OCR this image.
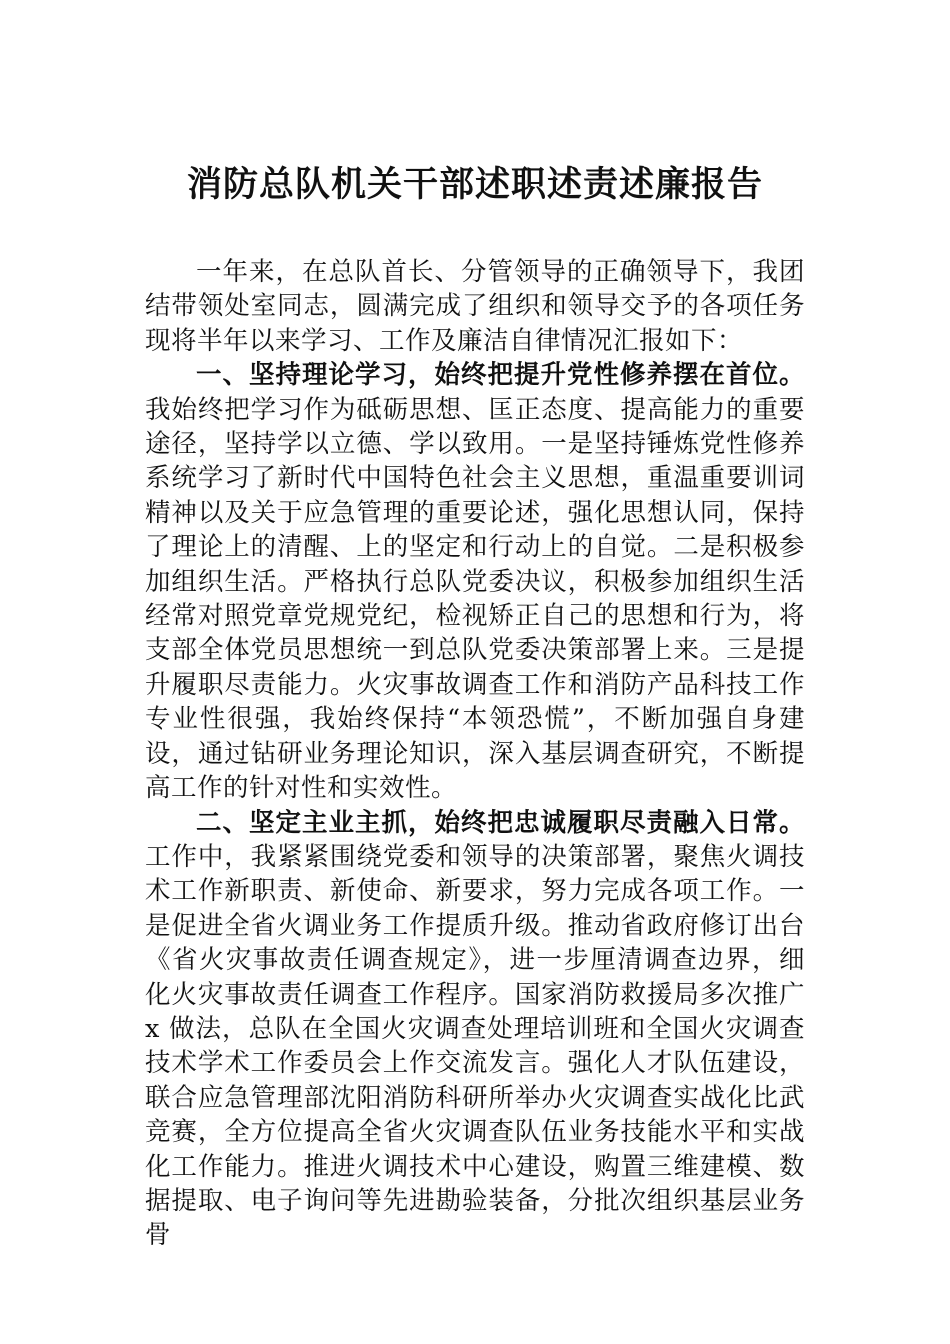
消防总队机关干部述职述责述廉报告

一年来，在总队首长、分管领导的正确领导下，我团结带领处室同志，圆满完成了组织和领导交予的各项任务现将半年以来学习、工作及廉洁自律情况汇报如下：

一、坚持理论学习，始终把提升党性修养摆在首位。我始终把学习作为砥砺思想、匡正态度、提高能力的重要途径，坚持学以立德、学以致用。一是坚持锤炼党性修养系统学习了新时代中国特色社会主义思想，重温重要训词精神以及关于应急管理的重要论述，强化思想认同，保持了理论上的清醒、上的坚定和行动上的自觉。二是积极参加组织生活。严格执行总队党委决议，积极参加组织生活经常对照党章党规党纪，检视矫正自己的思想和行为，将支部全体党员思想统一到总队党委决策部署上来。三是提升履职尽责能力。火灾事故调查工作和消防产品科技工作专业性很强，我始终保持“本领恐慌”，不断加强自身建设，通过钻研业务理论知识，深入基层调查研究，不断提高工作的针对性和实效性。

二、坚定主业主抓，始终把忠诚履职尽责融入日常。工作中，我紧紧围绕党委和领导的决策部署，聚焦火调技术工作新职责、新使命、新要求，努力完成各项工作。一是促进全省火调业务工作提质升级。推动省政府修订出台《省火灾事故责任调查规定》，进一步厘清调查边界，细化火灾事故责任调查工作程序。国家消防救援局多次推广 x 做法，总队在全国火灾调查处理培训班和全国火灾调查技术学术工作委员会上作交流发言。强化人才队伍建设，联合应急管理部沈阳消防科研所举办火灾调查实战化比武竞赛，全方位提高全省火灾调查队伍业务技能水平和实战化工作能力。推进火调技术中心建设，购置三维建模、数据提取、电子询问等先进勘验装备，分批次组织基层业务骨
